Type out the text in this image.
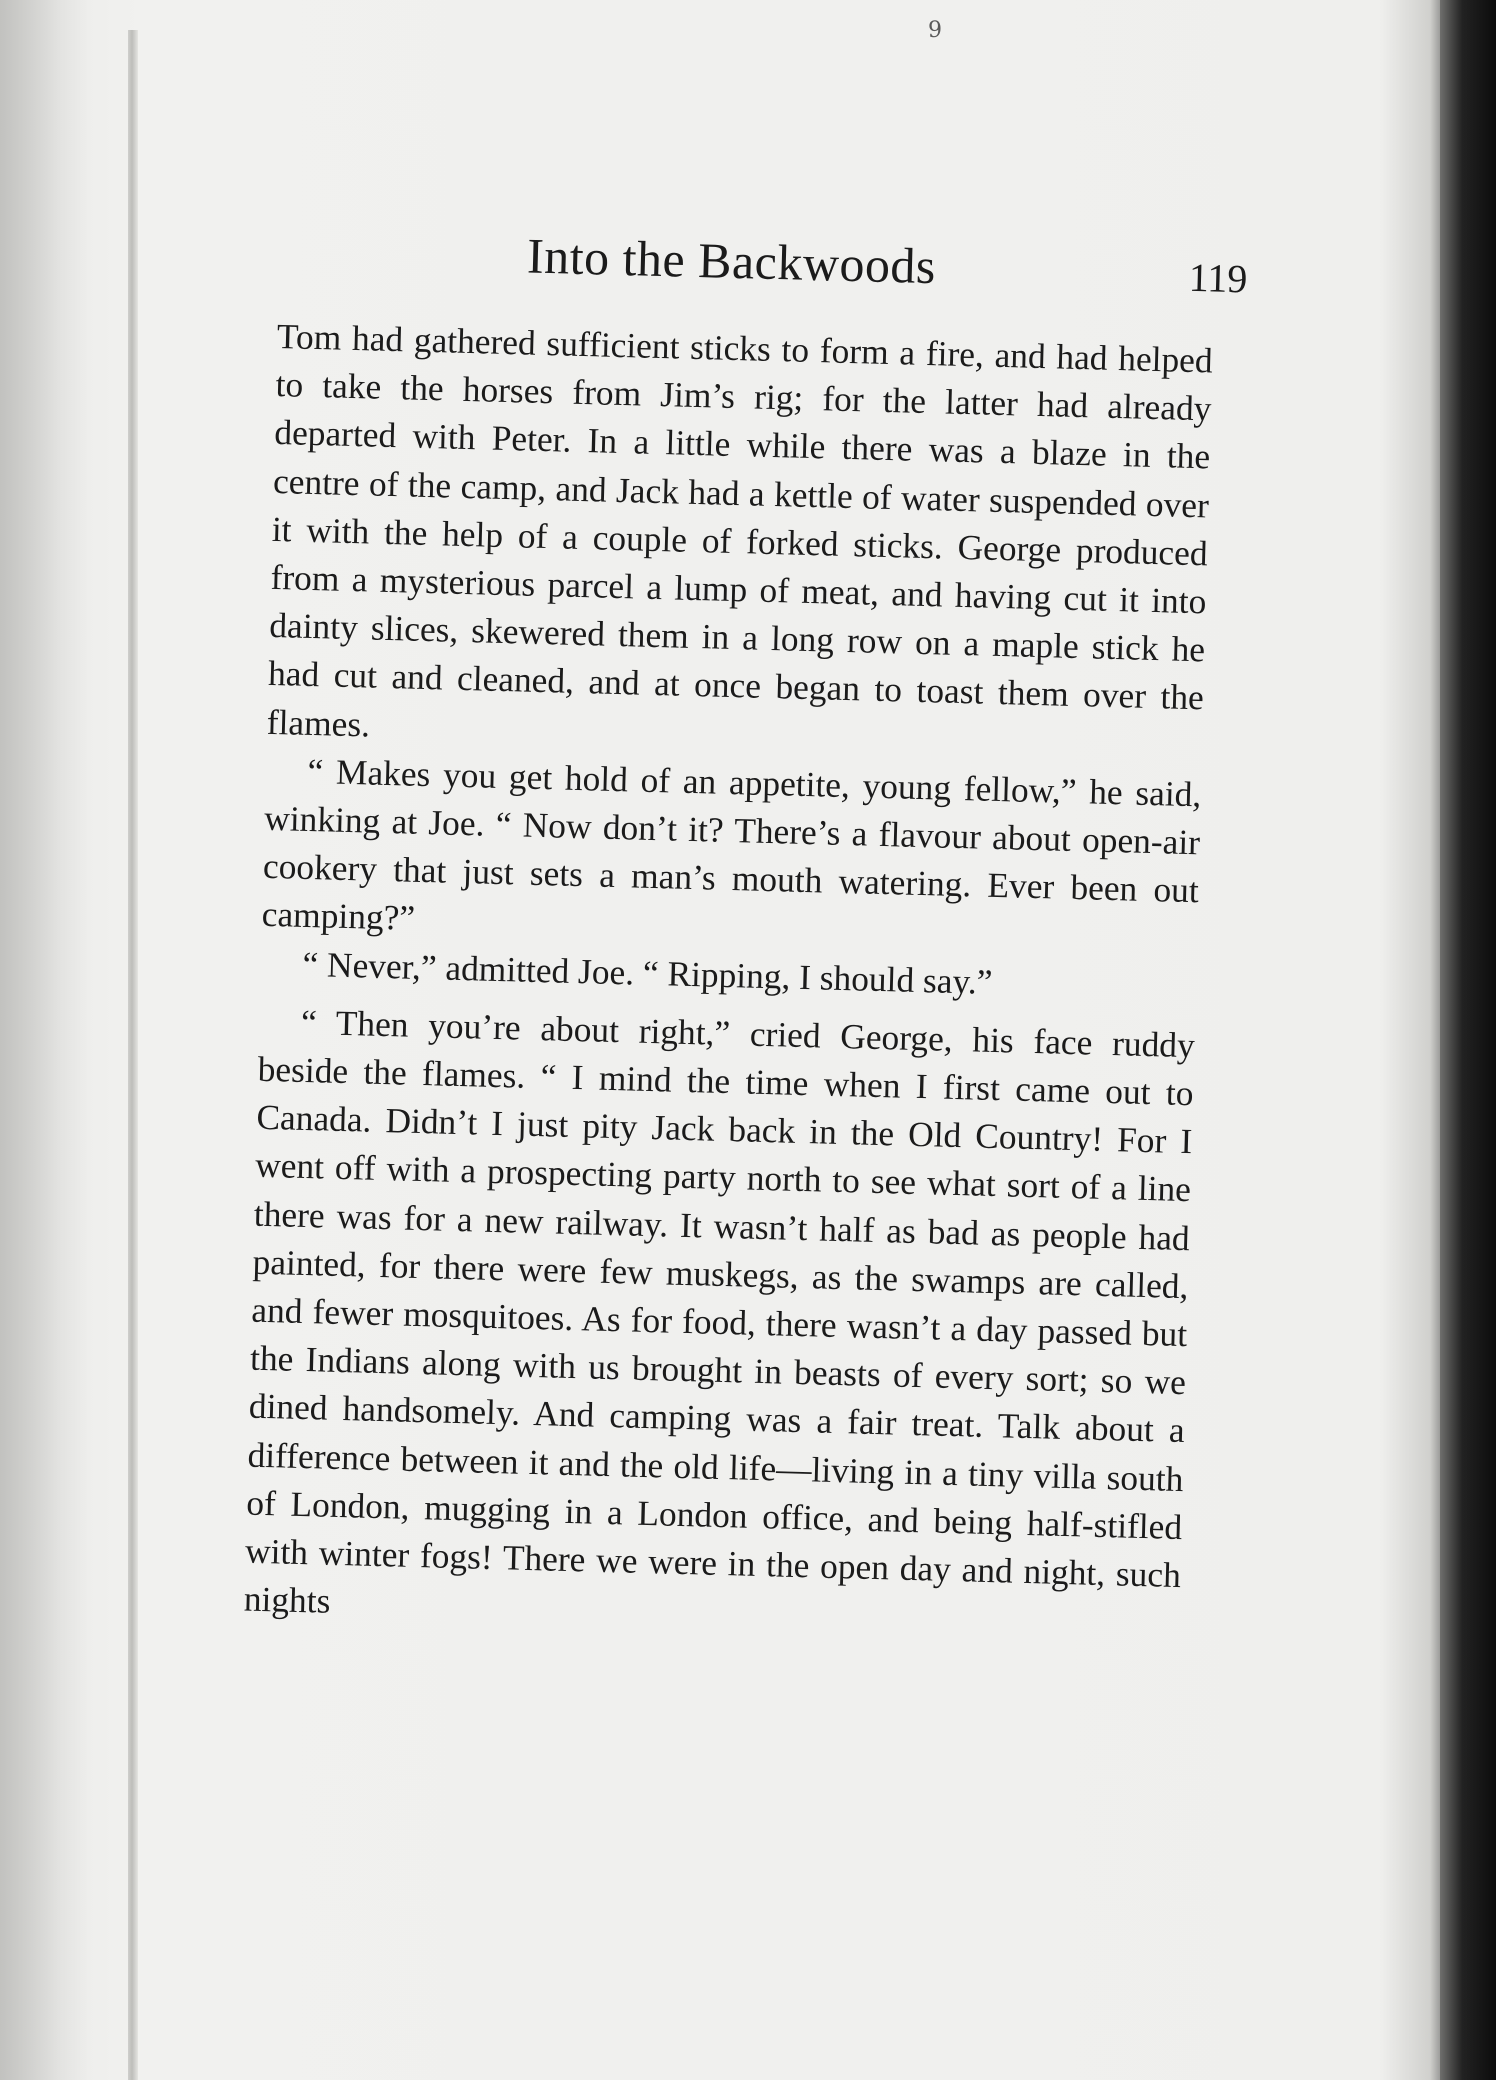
9
Into the Backwoods	119

Tom had gathered sufficient sticks to form a fire, and had helped to take the horses from Jim’s rig; for the latter had already departed with Peter. In a little while there was a blaze in the centre of the camp, and Jack had a kettle of water suspended over it with the help of a couple of forked sticks. George produced from a mysterious parcel a lump of meat, and having cut it into dainty slices, skewered them in a long row on a maple stick he had cut and cleaned, and at once began to toast them over the flames.

“ Makes you get hold of an appetite, young fellow,” he said, winking at Joe. “ Now don’t it? There’s a flavour about open-air cookery that just sets a man’s mouth watering. Ever been out camping?”

“ Never,” admitted Joe. “ Ripping, I should say.”

“ Then you’re about right,” cried George, his face ruddy beside the flames. “ I mind the time when I first came out to Canada. Didn’t I just pity Jack back in the Old Country! For I went off with a prospecting party north to see what sort of a line there was for a new railway. It wasn’t half as bad as people had painted, for there were few muskegs, as the swamps are called, and fewer mosquitoes. As for food, there wasn’t a day passed but the Indians along with us brought in beasts of every sort; so we dined handsomely. And camping was a fair treat. Talk about a difference between it and the old life—living in a tiny villa south of London, mugging in a London office, and being half-stifled with winter fogs! There we were in the open day and night, such nights
